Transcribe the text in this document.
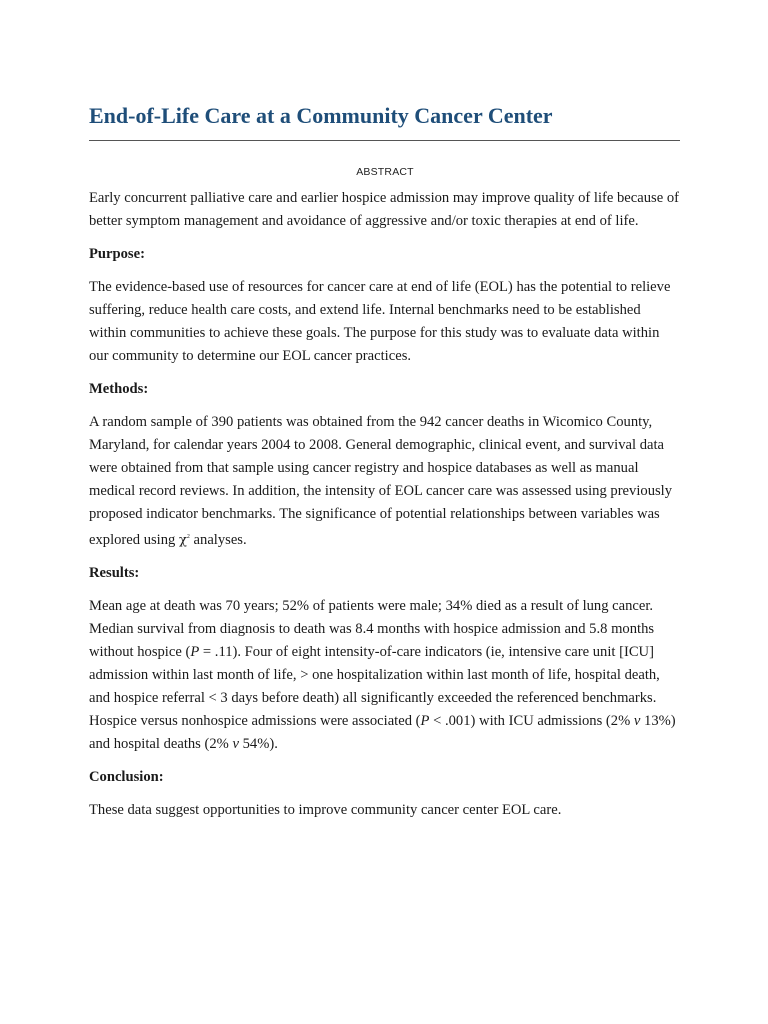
End-of-Life Care at a Community Cancer Center
ABSTRACT

Early concurrent palliative care and earlier hospice admission may improve quality of life because of better symptom management and avoidance of aggressive and/or toxic therapies at end of life.

Purpose:

The evidence-based use of resources for cancer care at end of life (EOL) has the potential to relieve suffering, reduce health care costs, and extend life. Internal benchmarks need to be established within communities to achieve these goals. The purpose for this study was to evaluate data within our community to determine our EOL cancer practices.

Methods:

A random sample of 390 patients was obtained from the 942 cancer deaths in Wicomico County, Maryland, for calendar years 2004 to 2008. General demographic, clinical event, and survival data were obtained from that sample using cancer registry and hospice databases as well as manual medical record reviews. In addition, the intensity of EOL cancer care was assessed using previously proposed indicator benchmarks. The significance of potential relationships between variables was explored using $\chi^2$ analyses.

Results:

Mean age at death was 70 years; 52% of patients were male; 34% died as a result of lung cancer. Median survival from diagnosis to death was 8.4 months with hospice admission and 5.8 months without hospice (P = .11). Four of eight intensity-of-care indicators (ie, intensive care unit [ICU] admission within last month of life, > one hospitalization within last month of life, hospital death, and hospice referral < 3 days before death) all significantly exceeded the referenced benchmarks. Hospice versus nonhospice admissions were associated (P < .001) with ICU admissions (2% v 13%) and hospital deaths (2% v 54%).

Conclusion:

These data suggest opportunities to improve community cancer center EOL care.
